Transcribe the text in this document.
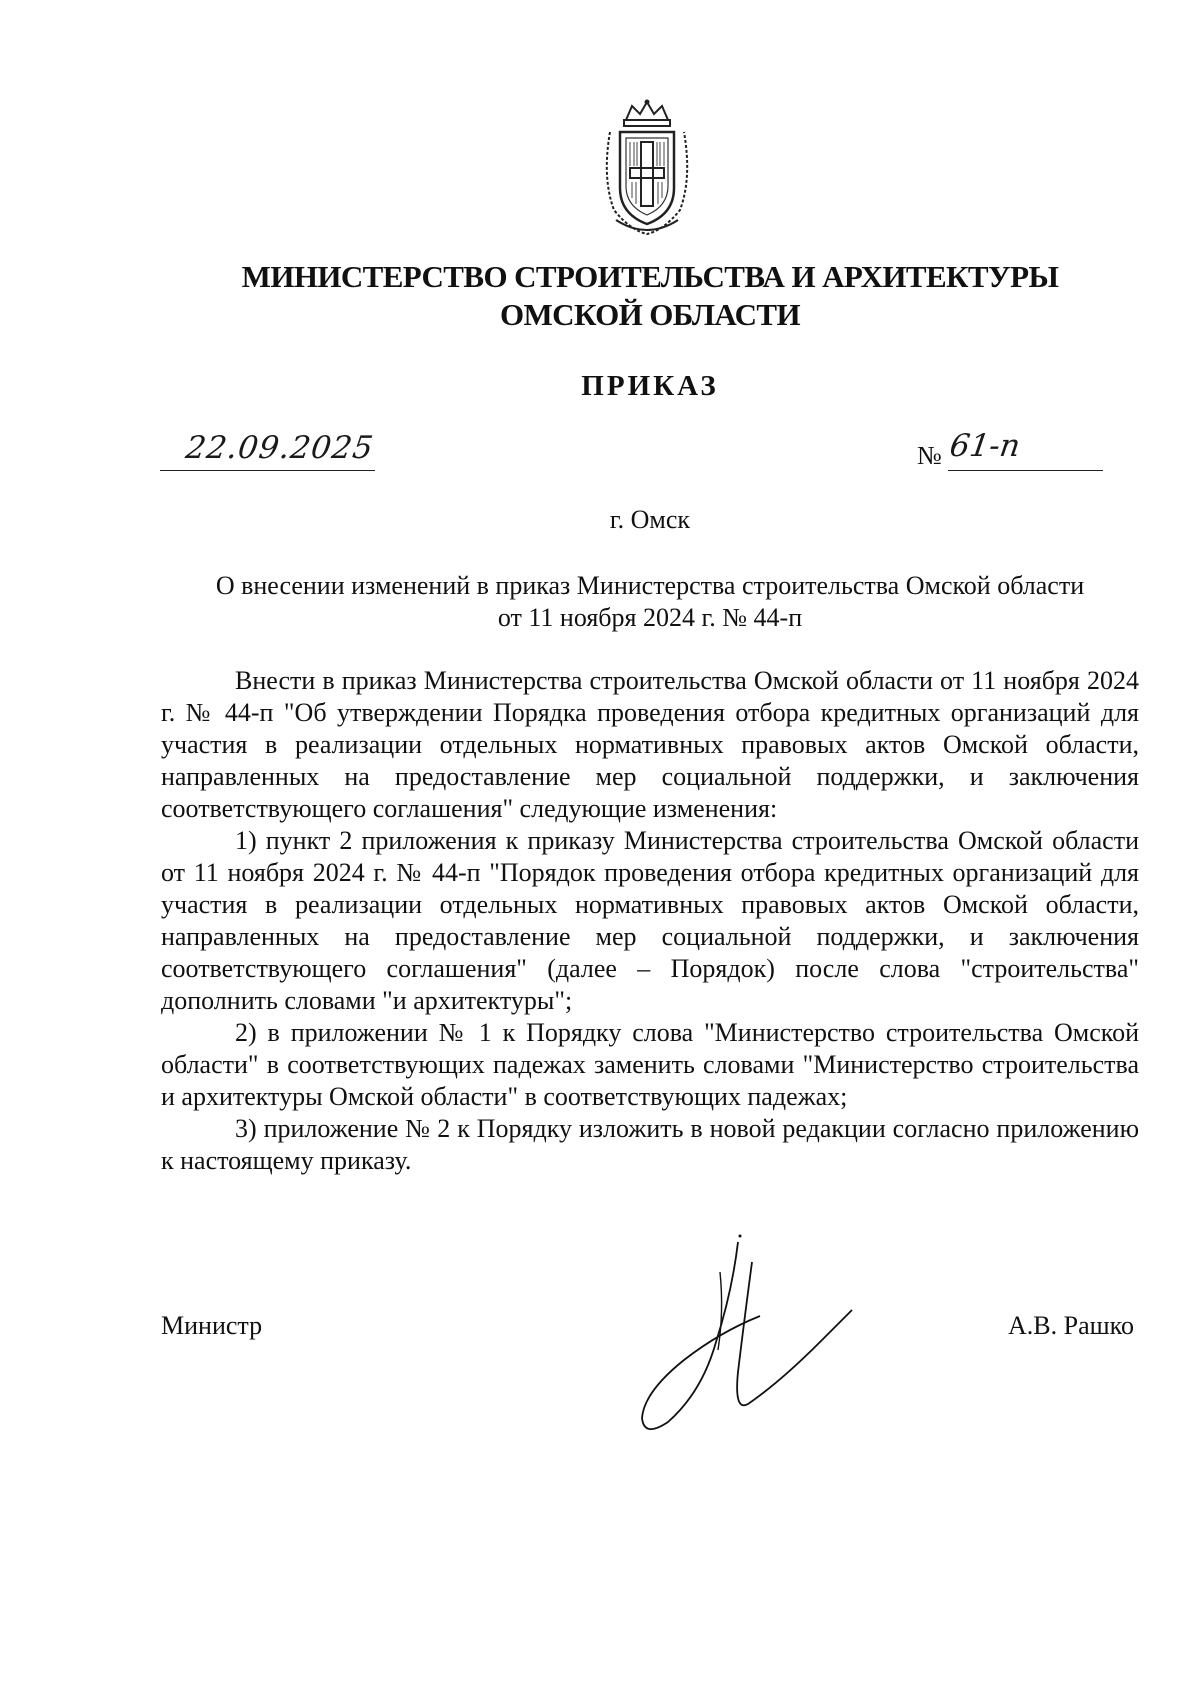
МИНИСТЕРСТВО СТРОИТЕЛЬСТВА И АРХИТЕКТУРЫ
ОМСКОЙ ОБЛАСТИ
ПРИКАЗ
22.09.2025	№ 61-п
г. Омск
О внесении изменений в приказ Министерства строительства Омской области
от 11 ноября 2024 г. № 44-п

Внести в приказ Министерства строительства Омской области от 11 ноября 2024 г. № 44-п "Об утверждении Порядка проведения отбора кредитных организаций для участия в реализации отдельных нормативных правовых актов Омской области, направленных на предоставление мер социальной поддержки, и заключения соответствующего соглашения" следующие изменения:

1) пункт 2 приложения к приказу Министерства строительства Омской области от 11 ноября 2024 г. № 44-п "Порядок проведения отбора кредитных организаций для участия в реализации отдельных нормативных правовых актов Омской области, направленных на предоставление мер социальной поддержки, и заключения соответствующего соглашения" (далее – Порядок) после слова "строительства" дополнить словами "и архитектуры";

2) в приложении № 1 к Порядку слова "Министерство строительства Омской области" в соответствующих падежах заменить словами "Министерство строительства и архитектуры Омской области" в соответствующих падежах;

3) приложение № 2 к Порядку изложить в новой редакции согласно приложению к настоящему приказу.

Министр	А.В. Рашко
